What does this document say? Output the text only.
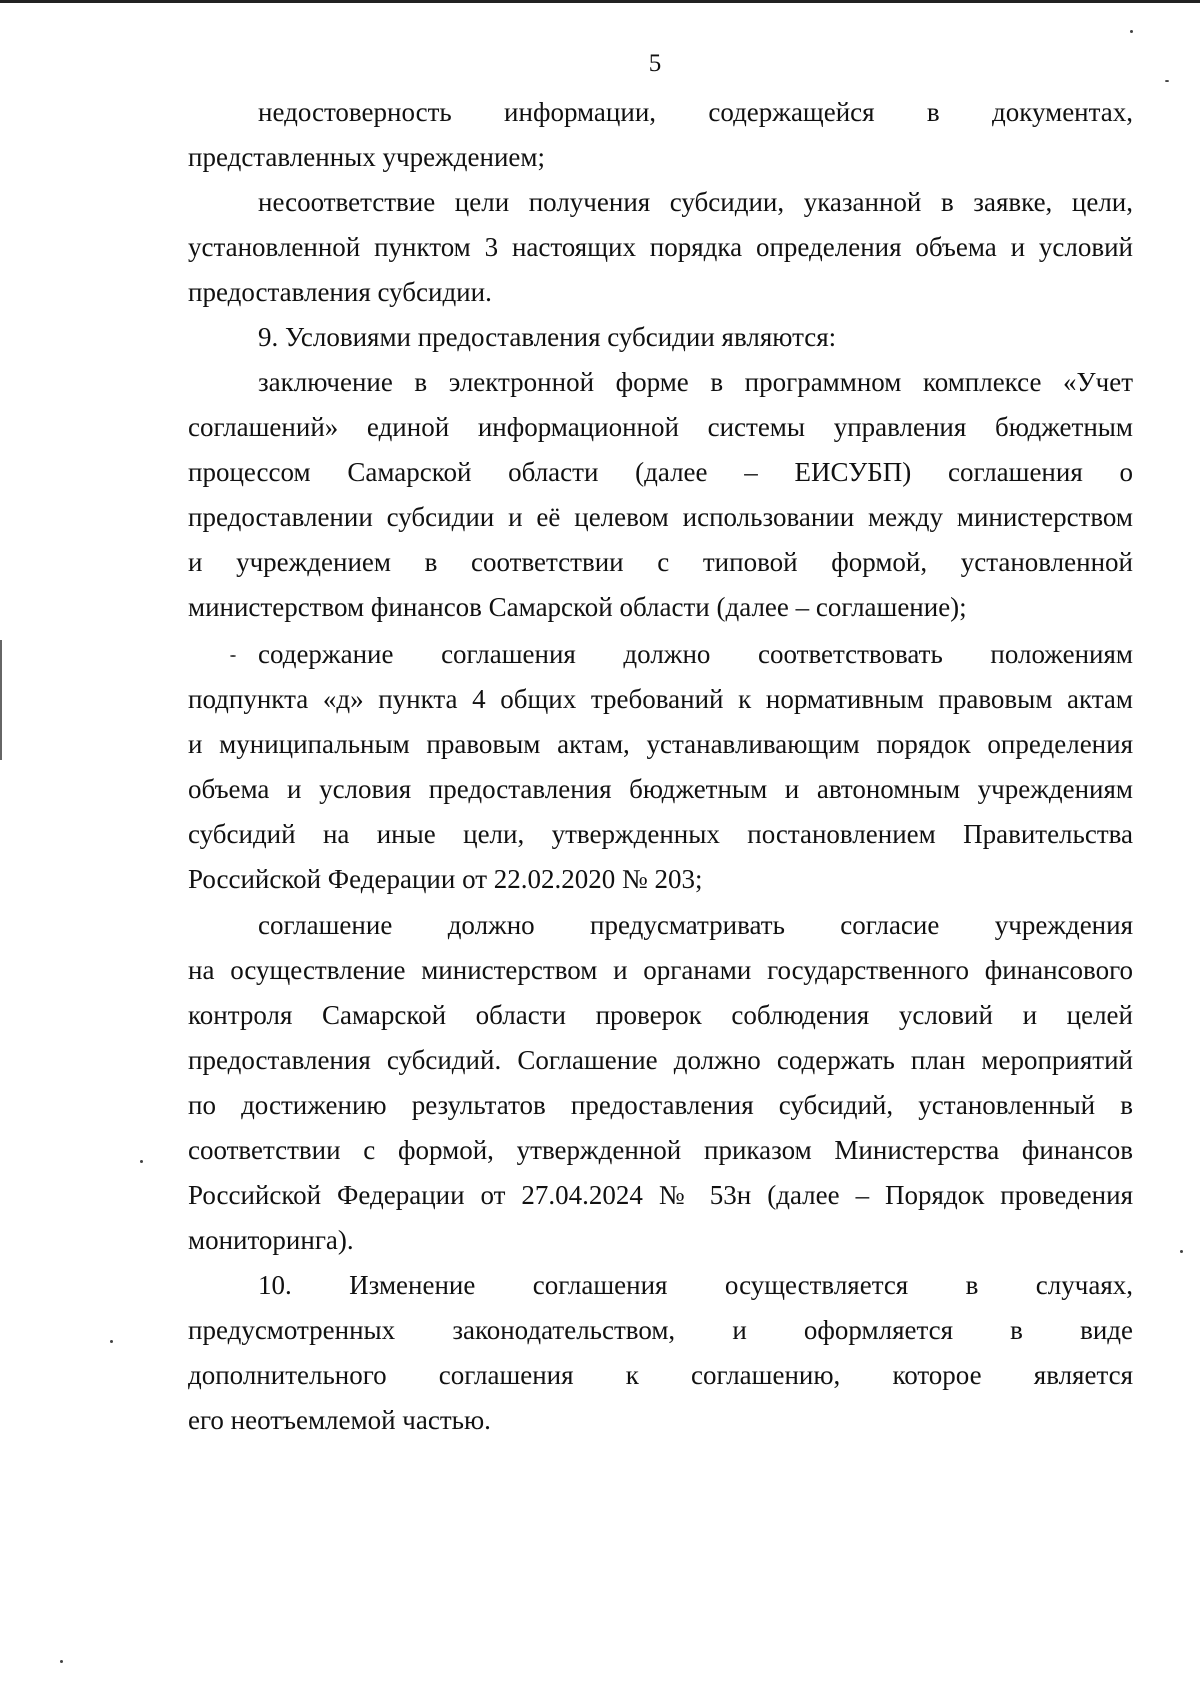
5
недостоверность информации, содержащейся в документах,
представленных учреждением;
несоответствие цели получения субсидии, указанной в заявке, цели,
установленной пунктом 3 настоящих порядка определения объема и условий
предоставления субсидии.
9. Условиями предоставления субсидии являются:
заключение в электронной форме в программном комплексе «Учет
соглашений» единой информационной системы управления бюджетным
процессом Самарской области (далее – ЕИСУБП) соглашения о
предоставлении субсидии и её целевом использовании между министерством
и учреждением в соответствии с типовой формой, установленной
министерством финансов Самарской области (далее – соглашение);
содержание соглашения должно соответствовать положениям
подпункта «д» пункта 4 общих требований к нормативным правовым актам
и муниципальным правовым актам, устанавливающим порядок определения
объема и условия предоставления бюджетным и автономным учреждениям
субсидий на иные цели, утвержденных постановлением Правительства
Российской Федерации от 22.02.2020 № 203;
соглашение должно предусматривать согласие учреждения
на осуществление министерством и органами государственного финансового
контроля Самарской области проверок соблюдения условий и целей
предоставления субсидий. Соглашение должно содержать план мероприятий
по достижению результатов предоставления субсидий, установленный в
соответствии с формой, утвержденной приказом Министерства финансов
Российской Федерации от 27.04.2024 № 53н (далее – Порядок проведения
мониторинга).
10. Изменение соглашения осуществляется в случаях,
предусмотренных законодательством, и оформляется в виде
дополнительного соглашения к соглашению, которое является
его неотъемлемой частью.
